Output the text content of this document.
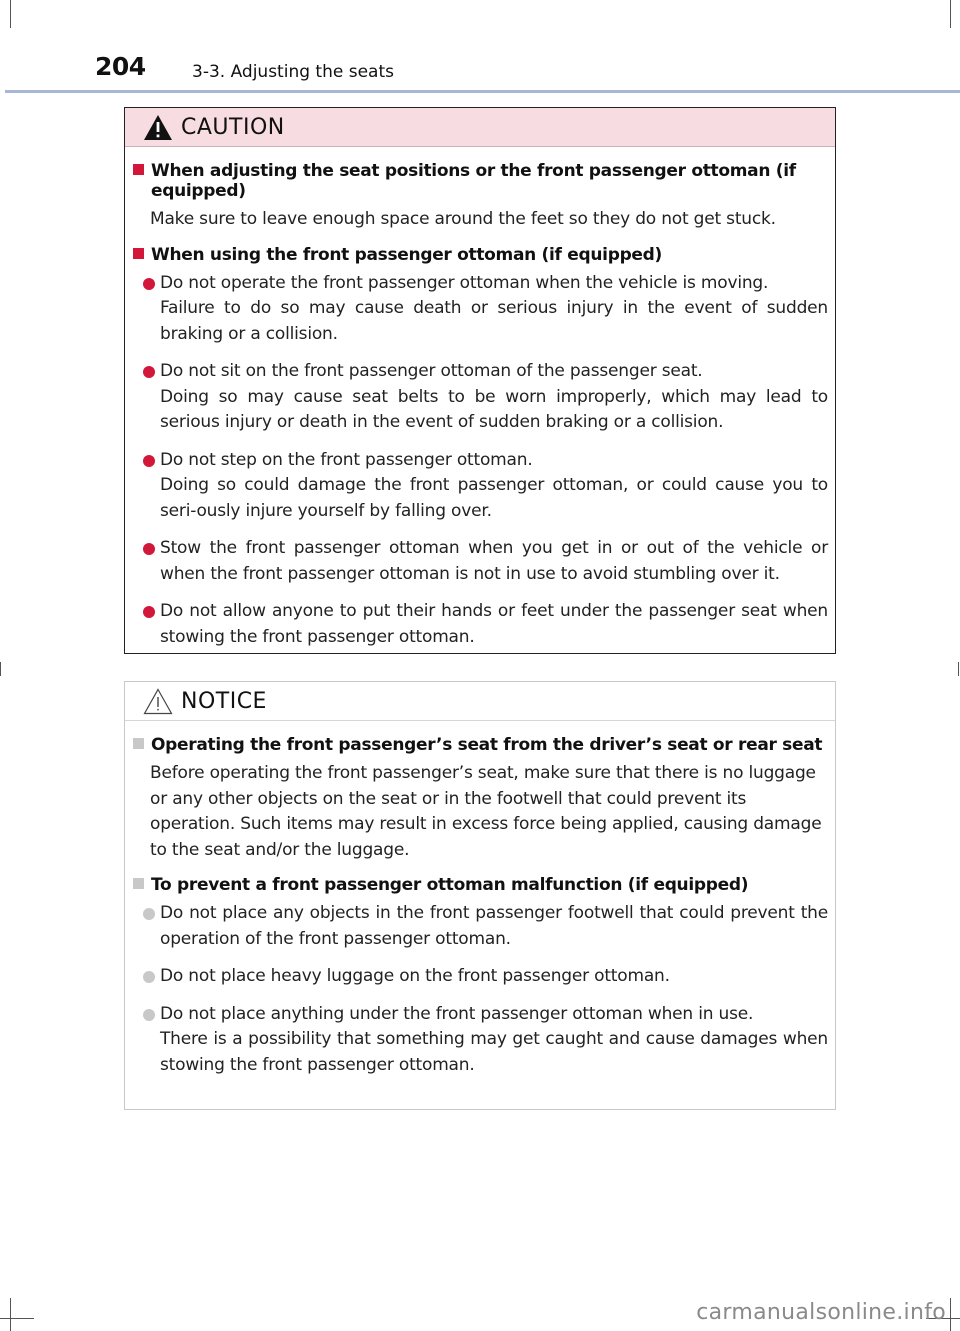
204	3-3. Adjusting the seats
CAUTION
When adjusting the seat positions or the front passenger ottoman (if equipped)
Make sure to leave enough space around the feet so they do not get stuck.
When using the front passenger ottoman (if equipped)
Do not operate the front passenger ottoman when the vehicle is moving.
Failure to do so may cause death or serious injury in the event of sudden braking or a collision.
Do not sit on the front passenger ottoman of the passenger seat.
Doing so may cause seat belts to be worn improperly, which may lead to serious injury or death in the event of sudden braking or a collision.
Do not step on the front passenger ottoman.
Doing so could damage the front passenger ottoman, or could cause you to seri-ously injure yourself by falling over.
Stow the front passenger ottoman when you get in or out of the vehicle or when the front passenger ottoman is not in use to avoid stumbling over it.
Do not allow anyone to put their hands or feet under the passenger seat when stowing the front passenger ottoman.
NOTICE
Operating the front passenger’s seat from the driver’s seat or rear seat
Before operating the front passenger’s seat, make sure that there is no luggage or any other objects on the seat or in the footwell that could prevent its operation. Such items may result in excess force being applied, causing damage to the seat and/or the luggage.
To prevent a front passenger ottoman malfunction (if equipped)
Do not place any objects in the front passenger footwell that could prevent the operation of the front passenger ottoman.
Do not place heavy luggage on the front passenger ottoman.
Do not place anything under the front passenger ottoman when in use.
There is a possibility that something may get caught and cause damages when stowing the front passenger ottoman.
carmanualsonline.info
